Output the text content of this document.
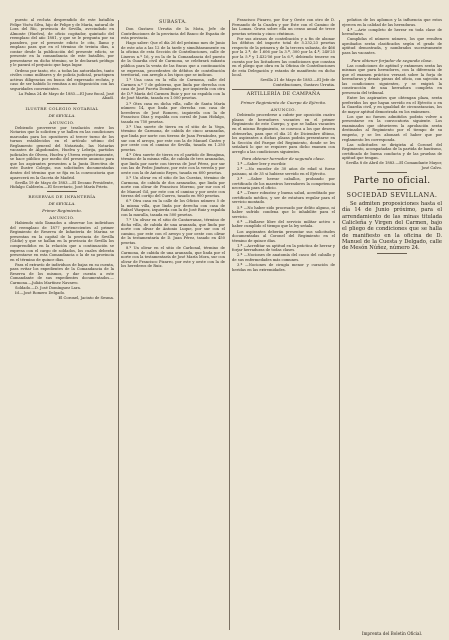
puesto al recluta desprendido de este batallón Felipe Viséu Silva, hijo de Felipe y de María, natural de Lora del Río, provincia de Sevilla, avecindado en Almonte (Huelva), de oficio cogitador, quintado del reemplazo del año 1881, y que se le pregunta por su paradero, por el presente edicto le cito, llamo y emplazo para que en el término de treinta días, a contar desde la publicación del presente edicto, se presente en la comandancia de este batallón, por presentarse en dicho término, se le declarará prófugo y le parará el perjuicio que haya lugar.

Ordeno por tanto, etc. a todas las autoridades, tanto civiles como militares y de policía judicial, practiquen activas diligencias en busca del expresado recluta, y caso de ser habido lo remitan a mi disposición con las seguridades convenientes.

La Palma 24 de Mayo de 1883.—El Juez fiscal, José Abadí.

ILUSTRE COLEGIO NOTARIAL
DE SEVILLA.
ANUNCIO.

Debiendo proveerse por traslación entre los Notarios que lo soliciten y se hallen en las condiciones marcadas para los opositores al tercer turno de los turnos establecidos en el artículo sétimo del Reglamento general del Notariado, las Notarías vacantes de Algodonales, Huelva y Lebrija, partidos judiciales de Olvera, Huelva y Utrera respectivamente, se hace público por medio del presente anuncio para que los aspirantes presenten a la Junta Directiva de este Ilustre Colegio, sus solicitudes documentadas dentro del término que se fija en la convocatoria que aparecerá en la Gaceta de Madrid.

Sevilla 19 de Mayo de 1883.—El Decano Presidente, Hidalgo Calderón.—El Secretario, José María Prieto.

RESERVAS DE INFANTERÍA
DE SEVILLA.
Primer Regimiento.
ANUNCIO.

Habiendo sido llamados a observar los individuos del reemplazo de 1877 pertenecientes al primer Regimiento de Reserva de Infantería de Marina se presentan en la capital de la provincia de Sevilla (Cádiz) y que se hallan en la provincia de Sevilla los comprendidos en la relación que a continuación se expresa con el cargo de soldados, los cuales deberán presentarse en esta Comandancia o la de su provincia en el término de quince días.

Para el extravío de individuos de bajas en su cuenta, para evitar los expedientes de la Comandancia de la Reserva de los mismos, y dar cuenta a este Comandante de sus expedientes documentados.—Carmona.—Julián Martínez Navarro.

Soldado.—D. José Domínguez Lara.

Id.—José Romero Delgado.

El Coronel, Jacinto de Sesma.

SUBASTA.

Don Gustavo Urrutia de la Mota, Jefe de Contribuciones de la provincia del Banco de España de esta provincia.

Hago saber: Que el día 26 del próximo mes de Junio de este año a las 12 de la tarde y simultáneamente en la oficina de esta Sección de Contribuciones, calle de Lineros n.º 16, y en la de la Comandancia del puesto de la Guardia civil de Carmona, se celebrará subasta pública para la venta de las fincas que a continuación se expresan, procedentes de débitos de contribución territorial, con arreglo a los tipos que se indican.

1.º Una casa en la villa de Carmona, calle del Carmen n.º 7 de gobierno, que linda por derecha con casa de José Puerta Domínguez, por izquierda con otra de D.ª María del Carmen Ruiz y por su espalda con la de José Martín, tasada en 1.000 pesetas.

2.º Otra casa en dicha villa, calle de Santa María número 14, que linda por derecha con casa de herederos de José Romero, izquierda con la de Francisco Díaz y espalda con corral de Juan Hidalgo, tasada en 750 pesetas.

3.º Una suerte de tierra en el sitio de la Vega, término de Carmona, de cabida de cinco aranzadas, que linda por norte con tierras de Juan Fernández, por sur con el arroyo, por este con la de Manuel Castro y por oeste con el camino de Sevilla, tasada en 1.250 pesetas.

4.º Otra suerte de tierra en el partido de Benajima, término de la misma villa, de cabida de tres aranzadas, que linda por norte con tierras de José Pérez, por sur con las de Pedro Jiménez, por este con la vereda y por oeste con la de Antonio Reyes, tasada en 600 pesetas.

5.º Un olivar en el sitio de las Cuestas, término de Carmona, de cabida de dos aranzadas, que linda por norte con olivar de Francisco Moreno, por sur con el de Manuel Gil, por este con el camino y por oeste con tierras del cortijo del Cuervo, tasado en 900 pesetas.

6.º Otra casa en la calle de los Oficios número 5 de la misma villa, que linda por derecha con casa de Rafael Vázquez, izquierda con la de José Ruiz y espalda con la muralla, tasada en 500 pesetas.

7.º Un olivar en el sitio de Cantarranas, término de dicha villa, de cabida de una aranzada, que linda por norte con olivar de Antonio Luque, por sur con el camino, por este con el arroyo y por oeste con olivar de la testamentaría de D. Juan Pérez, tasado en 450 pesetas.

8.º Un olivar en el sitio de Carbonal, término de Carmona, de cabida de una aranzada, que linda por el norte con la testamentaría de José María Mora, sur con olivar de Francisco Pizarro, por este y oeste con la de los herederos de Ruiz.

Francisco Pizarro, por Sur y Oeste con otro de D. Fernando de la Cuadra y por Este con el Camino de las Lomas. Grava sobre ella un censo anual de trece pesetas setenta y cinco céntimos.

Por sus atrasos de contribución y a fin de abonar los débitos del importe total de 5.232,23 pesetas respecto de la primera y de la tercera subasta, de 466 por la 2.ª, de 1.606 por la 3.ª, 300 por la 4.ª, 240'25 por la 5.ª y 1.432'56 por la 6.ª, debiendo tenerse en cuenta por los licitadores las condiciones que constan en el pliego que obra en la Oficina de Contribuciones de esta Delegación y estarán de manifiesto en dicho local.

Sevilla 21 de Mayo de 1883.—El Jefe de Contribuciones, Gustavo Urrutia.

ARTILLERÍA DE CAMPAÑA
Primer Regimiento de Cuerpo de Ejército.
ANUNCIO.

Debiendo procederse a cubrir por oposición cuatro plazas de herradores vacantes en el primer Regimiento de este Cuerpo, y que se hallan vacantes en el mismo Regimiento, se convoca a los que deseen obtenerlas, para que el día 21 de Diciembre último, los aspirantes a dichas plazas podrán presentarse en la Sección del Parque del Regimiento, donde se les señalará lo que se requiere para dicho examen con arreglo a las condiciones siguientes.

Para obtener herrador de segunda clase.

1.ª —Saber leer y escribir.

2.ª —No exceder de 30 años de edad si fuese paisano, ni de 35 si hubiese servido en el Ejército.

3.ª —Saber herrar caballos, probando por certificado de los maestros herradores la competencia necesaria para el oficio.

4.ª —Tener robustez y buena salud, acreditado por certificado médico, y ser de estatura regular para el servicio montado.

5.ª —No haber sido procesado por delito alguno, ni haber sufrido condena que lo inhabilite para el servicio.

6.ª —Hallarse libre del servicio militar activo o haber cumplido el tiempo que la ley señala.

Los aspirantes deberán presentar sus solicitudes documentadas al Coronel del Regimiento en el término de quince días.

1.ª —Acreditar su aptitud en la práctica de herrar y forjar herraduras de todas clases.

2.ª —Nociones de anatomía del casco del caballo y de sus enfermedades más comunes.

3.ª —Nociones de cirugía menor y curación de heridas en las extremidades.

pelatios de los aplomos y la influencia que estos ejercen en la calidad de las herraduras.

4.ª —Arte completo de herrar en toda clase de herraduras.

Cumplidas el número número, los que resulten aprobados serán clasificados según el grado de aptitud demostrada, y nombrados sucesivamente para las vacantes.

Para obtener forjador de segunda clase.

Las condiciones de aptitud y exámenes serán las mismas que para herradores, con la diferencia de que el examen práctico versará sobre la forja de herraduras y demás piezas del oficio, con sujeción a las condiciones siguientes, y se exigirá la construcción de una herradura completa en presencia del tribunal.

Entre los aspirantes que obtengan plaza, serán preferidos los que hayan servido en el Ejército o en la Guardia civil, y en igualdad de circunstancias, los de mayor aptitud demostrada en los exámenes.

Los que no fuesen admitidos podrán volver a presentarse en la convocatoria siguiente. Los examinados que obtuvieren la aprobación serán destinados al Regimiento por el tiempo de su empeño, y se les abonará el haber que por reglamento les corresponda.

Las solicitudes se dirigirán al Coronel del Regimiento, acompañadas de la partida de bautismo, certificado de buena conducta y de las pruebas de aptitud que tengan.

Sevilla 8 de Abril de 1883.—El Comandante Mayor, José Calvo.

Parte no oficial.
SOCIEDAD SEVILLANA.

Se admiten proposiciones hasta el día 14 de Junio próximo, para el arrendamiento de las minas titulada Calicleña y Virgen del Carmen, bajo el pliego de condiciones que se halla de manifiesto en la oficina de D. Manuel de la Cuesta y Delgado, calle de Mesón Núñez, número 24.

Imprenta del Boletín Oficial.
